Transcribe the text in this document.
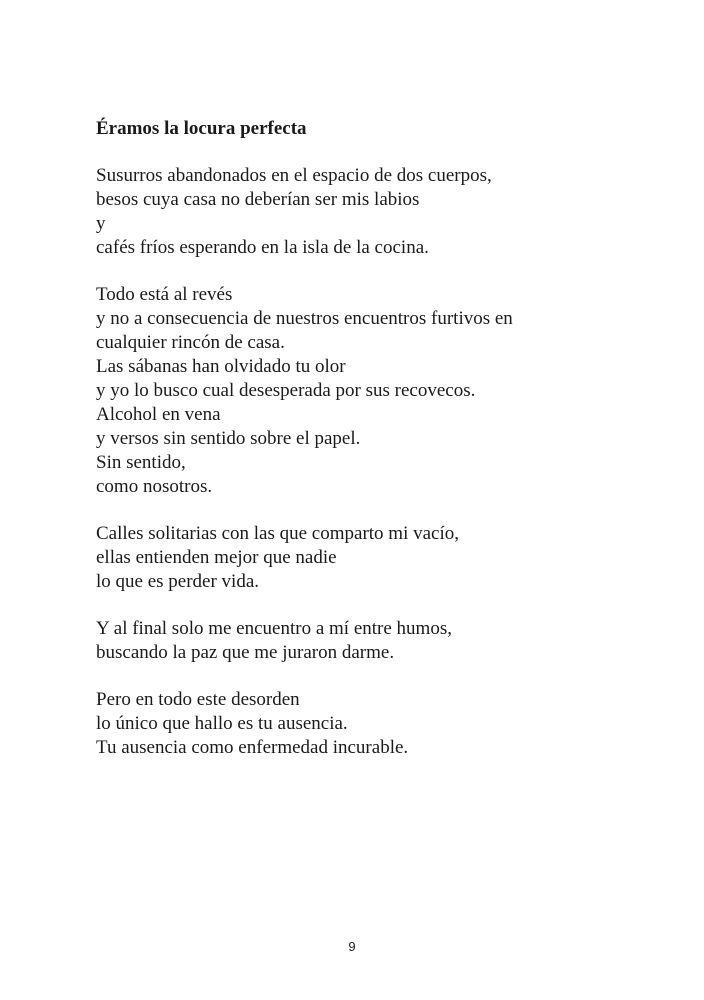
Éramos la locura perfecta
Susurros abandonados en el espacio de dos cuerpos,
besos cuya casa no deberían ser mis labios
y
cafés fríos esperando en la isla de la cocina.
Todo está al revés
y no a consecuencia de nuestros encuentros furtivos en
cualquier rincón de casa.
Las sábanas han olvidado tu olor
y yo lo busco cual desesperada por sus recovecos.
Alcohol en vena
y versos sin sentido sobre el papel.
Sin sentido,
como nosotros.
Calles solitarias con las que comparto mi vacío,
ellas entienden mejor que nadie
lo que es perder vida.
Y al final solo me encuentro a mí entre humos,
buscando la paz que me juraron darme.
Pero en todo este desorden
lo único que hallo es tu ausencia.
Tu ausencia como enfermedad incurable.
9
